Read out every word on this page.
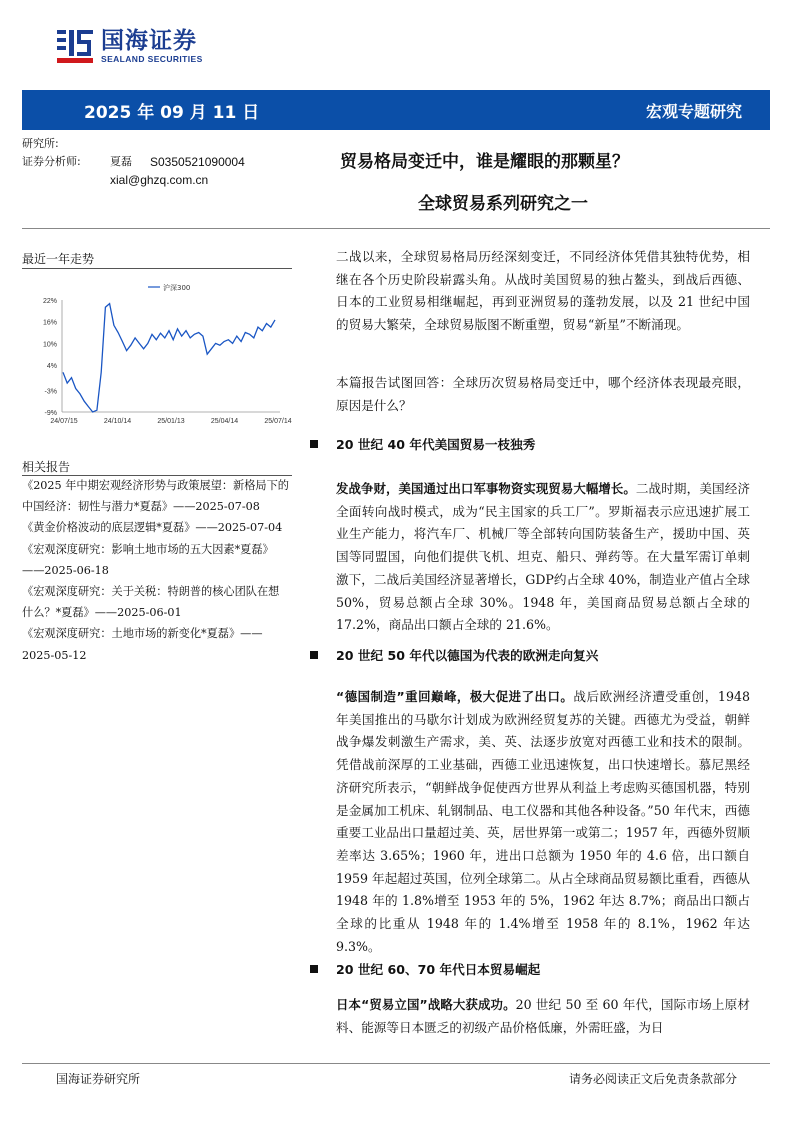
国海证券
SEALAND SECURITIES
2025 年 09 月 11 日	宏观专题研究
研究所:
证券分析师:	夏磊	S0350521090004
xial@ghzq.com.cn
贸易格局变迁中，谁是耀眼的那颗星？
全球贸易系列研究之一
最近一年走势
22%
16%
10%
4%
-3%
-9%
24/07/15	24/10/14	25/01/13	25/04/14	25/07/14
沪深300
相关报告
《2025 年中期宏观经济形势与政策展望：新格局下的中国经济：韧性与潜力*夏磊》——2025-07-08
《黄金价格波动的底层逻辑*夏磊》——2025-07-04
《宏观深度研究：影响土地市场的五大因素*夏磊》——2025-06-18
《宏观深度研究：关于关税：特朗普的核心团队在想什么？*夏磊》——2025-06-01
《宏观深度研究：土地市场的新变化*夏磊》——2025-05-12
二战以来，全球贸易格局历经深刻变迁，不同经济体凭借其独特优势，相继在各个历史阶段崭露头角。从战时美国贸易的独占鳌头，到战后西德、日本的工业贸易相继崛起，再到亚洲贸易的蓬勃发展，以及 21 世纪中国的贸易大繁荣，全球贸易版图不断重塑，贸易“新星”不断涌现。
本篇报告试图回答：全球历次贸易格局变迁中，哪个经济体表现最亮眼，原因是什么？
20 世纪 40 年代美国贸易一枝独秀
发战争财，美国通过出口军事物资实现贸易大幅增长。二战时期，美国经济全面转向战时模式，成为“民主国家的兵工厂”。罗斯福表示应迅速扩展工业生产能力，将汽车厂、机械厂等全部转向国防装备生产，援助中国、英国等同盟国，向他们提供飞机、坦克、船只、弹药等。在大量军需订单刺激下，二战后美国经济显著增长，GDP约占全球 40%，制造业产值占全球 50%，贸易总额占全球 30%。1948 年，美国商品贸易总额占全球的 17.2%，商品出口额占全球的 21.6%。
20 世纪 50 年代以德国为代表的欧洲走向复兴
“德国制造”重回巅峰，极大促进了出口。战后欧洲经济遭受重创，1948 年美国推出的马歇尔计划成为欧洲经贸复苏的关键。西德尤为受益，朝鲜战争爆发刺激生产需求，美、英、法逐步放宽对西德工业和技术的限制。凭借战前深厚的工业基础，西德工业迅速恢复，出口快速增长。慕尼黑经济研究所表示，“朝鲜战争促使西方世界从利益上考虑购买德国机器，特别是金属加工机床、轧钢制品、电工仪器和其他各种设备。”50 年代末，西德重要工业品出口量超过美、英，居世界第一或第二；1957 年，西德外贸顺差率达 3.65%；1960 年，进出口总额为 1950 年的 4.6 倍，出口额自 1959 年起超过英国，位列全球第二。从占全球商品贸易额比重看，西德从 1948 年的 1.8%增至 1953 年的 5%，1962 年达 8.7%；商品出口额占全球的比重从 1948 年的 1.4%增至 1958 年的 8.1%，1962 年达 9.3%。
20 世纪 60、70 年代日本贸易崛起
日本“贸易立国”战略大获成功。20 世纪 50 至 60 年代，国际市场上原材料、能源等日本匮乏的初级产品价格低廉，外需旺盛，为日
国海证券研究所	请务必阅读正文后免责条款部分
